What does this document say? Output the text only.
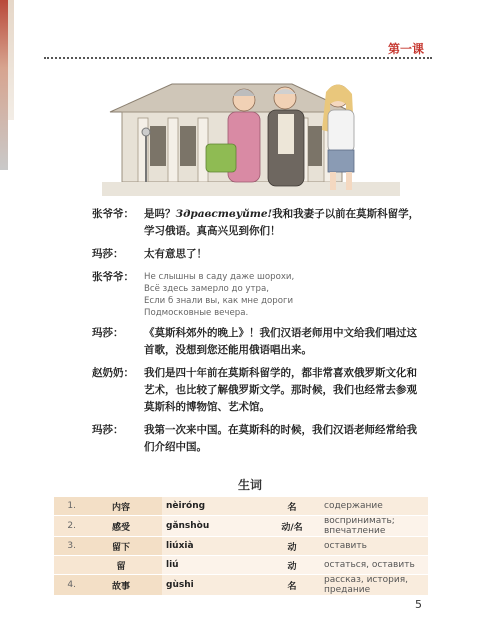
第一课
张爷爷： 是吗？Здравствуйте!我和我妻子以前在莫斯科留学，学习俄语。真高兴见到你们！
玛莎：	太有意思了！
张爷爷：	Не слышны в саду даже шорохи,
Всё здесь замерло до утра,
Если б знали вы, как мне дороги
Подмосковные вечера.
玛莎：	《莫斯科郊外的晚上》！我们汉语老师用中文给我们唱过这首歌，没想到您还能用俄语唱出来。
赵奶奶： 我们是四十年前在莫斯科留学的，都非常喜欢俄罗斯文化和艺术，也比较了解俄罗斯文学。那时候，我们也经常去参观莫斯科的博物馆、艺术馆。
玛莎：	我第一次来中国。在莫斯科的时候，我们汉语老师经常给我们介绍中国。
生词
1.	内容	nèiróng	名	содержание
2.	感受	gǎnshòu	动/名	воспринимать; впечатление
3.	留下	liúxià	动	оставить
	留	liú	动	остаться, оставить
4.	故事	gùshi	名	рассказ, история, предание
5
